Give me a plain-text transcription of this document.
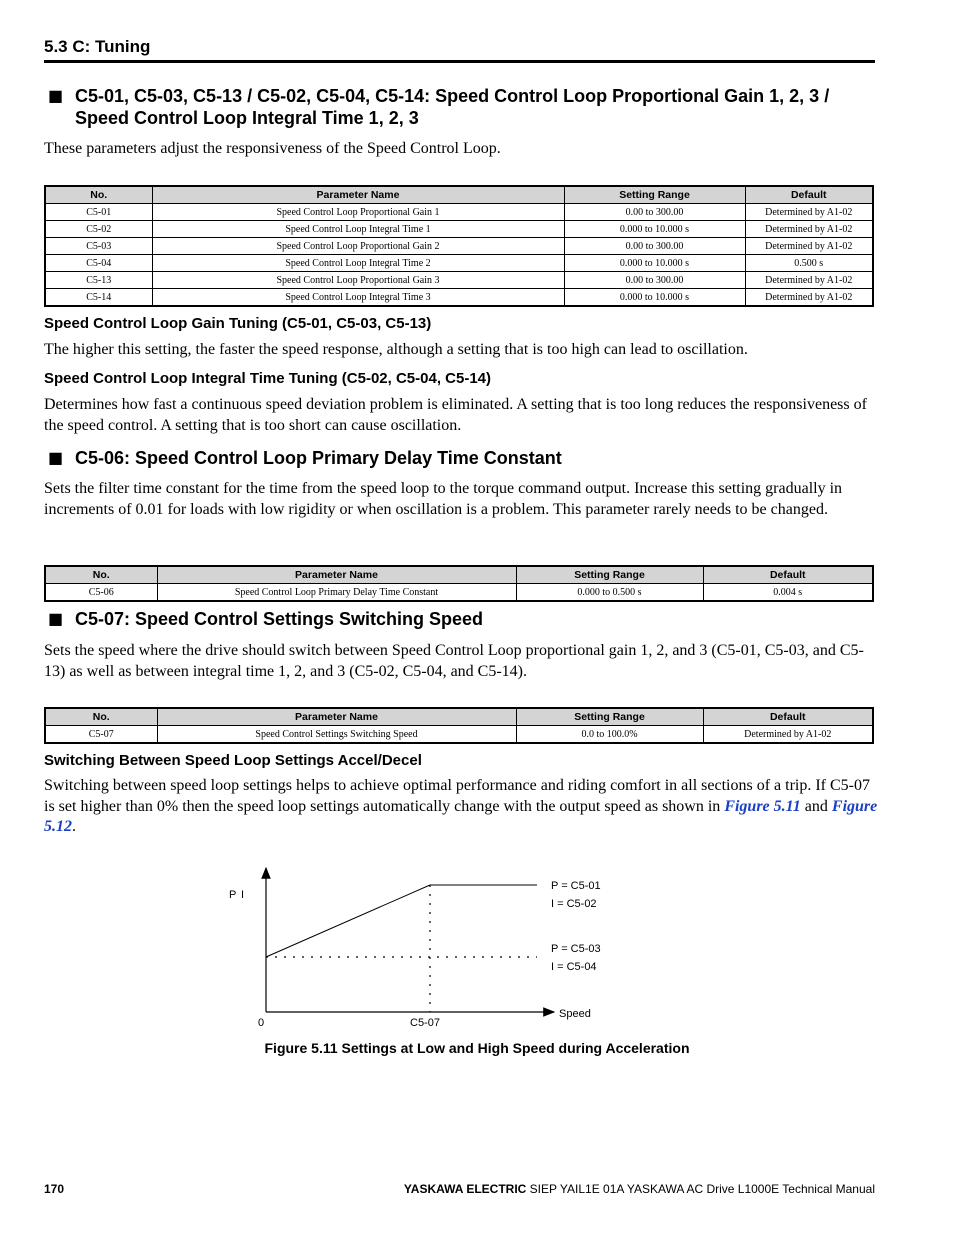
5.3 C: Tuning
■ C5-01, C5-03, C5-13 / C5-02, C5-04, C5-14: Speed Control Loop Proportional Gain 1, 2, 3 / Speed Control Loop Integral Time 1, 2, 3
These parameters adjust the responsiveness of the Speed Control Loop.
No.	Parameter Name	Setting Range	Default
C5-01	Speed Control Loop Proportional Gain 1	0.00 to 300.00	Determined by A1-02
C5-02	Speed Control Loop Integral Time 1	0.000 to 10.000 s	Determined by A1-02
C5-03	Speed Control Loop Proportional Gain 2	0.00 to 300.00	Determined by A1-02
C5-04	Speed Control Loop Integral Time 2	0.000 to 10.000 s	0.500 s
C5-13	Speed Control Loop Proportional Gain 3	0.00 to 300.00	Determined by A1-02
C5-14	Speed Control Loop Integral Time 3	0.000 to 10.000 s	Determined by A1-02
Speed Control Loop Gain Tuning (C5-01, C5-03, C5-13)
The higher this setting, the faster the speed response, although a setting that is too high can lead to oscillation.
Speed Control Loop Integral Time Tuning (C5-02, C5-04, C5-14)
Determines how fast a continuous speed deviation problem is eliminated. A setting that is too long reduces the responsiveness of the speed control. A setting that is too short can cause oscillation.
■ C5-06: Speed Control Loop Primary Delay Time Constant
Sets the filter time constant for the time from the speed loop to the torque command output. Increase this setting gradually in increments of 0.01 for loads with low rigidity or when oscillation is a problem. This parameter rarely needs to be changed.
No.	Parameter Name	Setting Range	Default
C5-06	Speed Control Loop Primary Delay Time Constant	0.000 to 0.500 s	0.004 s
■ C5-07: Speed Control Settings Switching Speed
Sets the speed where the drive should switch between Speed Control Loop proportional gain 1, 2, and 3 (C5-01, C5-03, and C5-13) as well as between integral time 1, 2, and 3 (C5-02, C5-04, and C5-14).
No.	Parameter Name	Setting Range	Default
C5-07	Speed Control Settings Switching Speed	0.0 to 100.0%	Determined by A1-02
Switching Between Speed Loop Settings Accel/Decel
Switching between speed loop settings helps to achieve optimal performance and riding comfort in all sections of a trip. If C5-07 is set higher than 0% then the speed loop settings automatically change with the output speed as shown in Figure 5.11 and Figure 5.12.
P I
P = C5-01
I = C5-02
P = C5-03
I = C5-04
0	C5-07
Speed
Figure 5.11 Settings at Low and High Speed during Acceleration
170	YASKAWA ELECTRIC SIEP YAIL1E 01A YASKAWA AC Drive L1000E Technical Manual
